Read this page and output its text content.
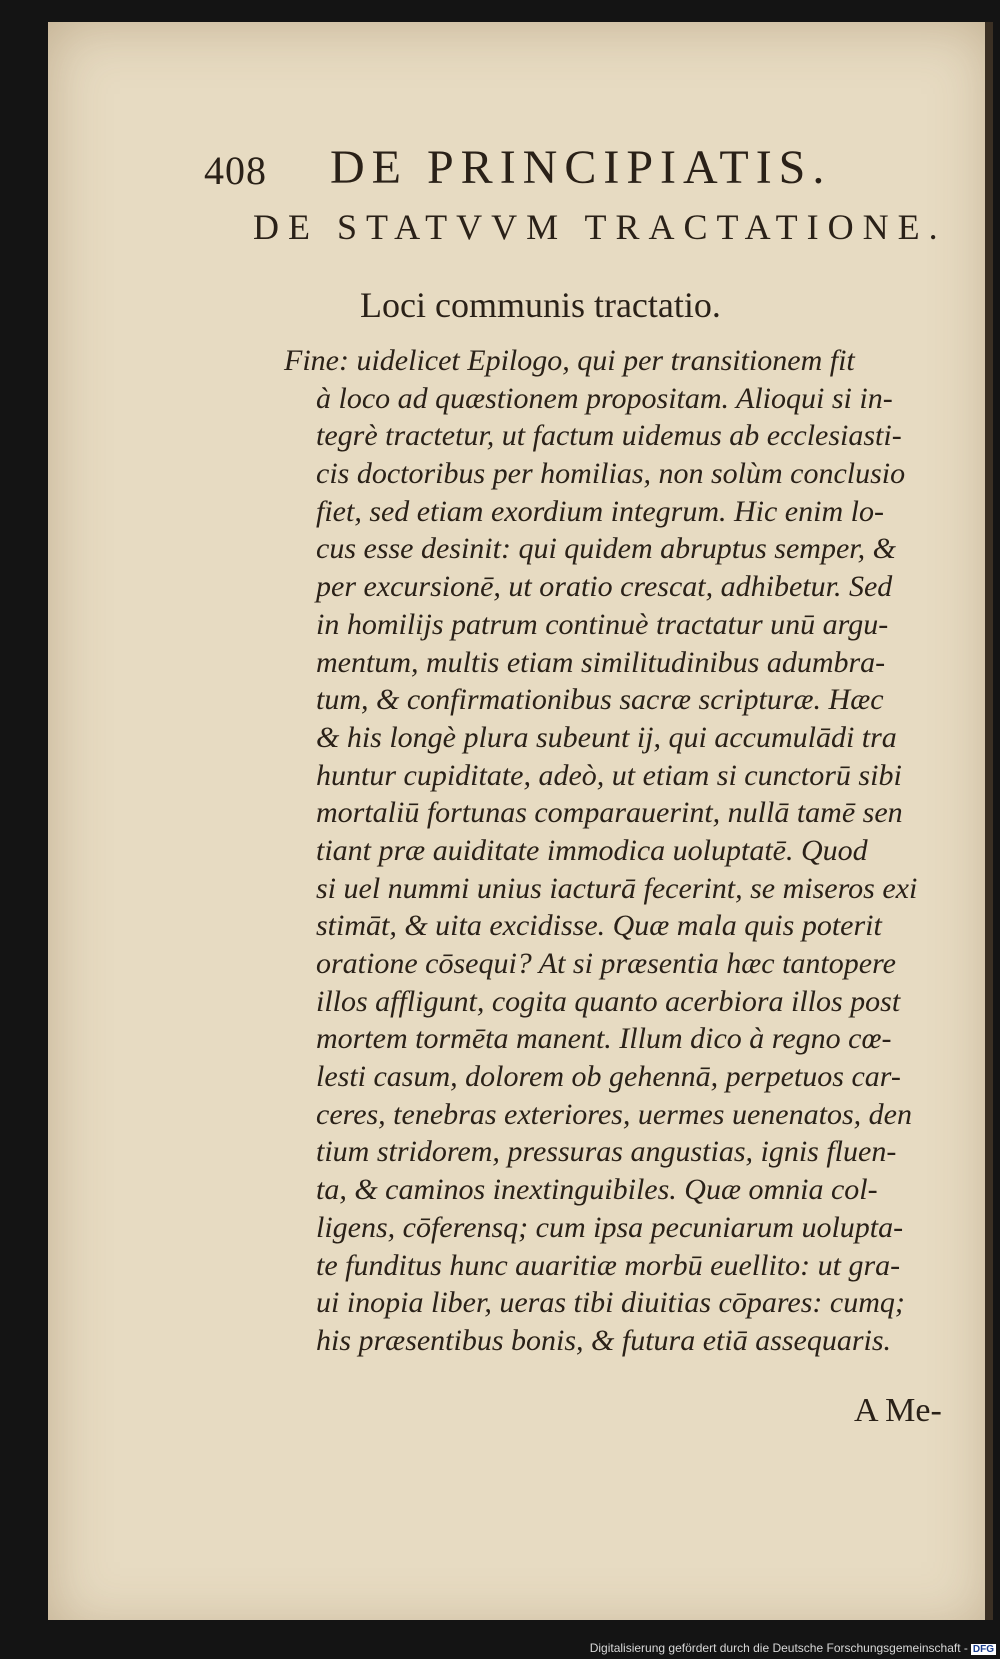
408 DE PRINCIPIATIS.
DE STATVVM TRACTATIONE.
Loci communis tractatio.
Fine: uidelicet Epilogo, qui per transitionem fit
à loco ad quæstionem propositam. Alioqui si in-
tegrè tractetur, ut factum uidemus ab ecclesiasti-
cis doctoribus per homilias, non solùm conclusio
fiet, sed etiam exordium integrum. Hic enim lo-
cus esse desinit: qui quidem abruptus semper, &
per excursionē, ut oratio crescat, adhibetur. Sed
in homilijs patrum continuè tractatur unū argu-
mentum, multis etiam similitudinibus adumbra-
tum, & confirmationibus sacræ scripturæ. Hæc
& his longè plura subeunt ij, qui accumulādi tra
huntur cupiditate, adeò, ut etiam si cunctorū sibi
mortaliū fortunas comparauerint, nullā tamē sen
tiant præ auiditate immodica uoluptatē. Quod
si uel nummi unius iacturā fecerint, se miseros exi
stimāt, & uita excidisse. Quæ mala quis poterit
oratione cōsequi? At si præsentia hæc tantopere
illos affligunt, cogita quanto acerbiora illos post
mortem tormēta manent. Illum dico à regno cœ-
lesti casum, dolorem ob gehennā, perpetuos car-
ceres, tenebras exteriores, uermes uenenatos, den
tium stridorem, pressuras angustias, ignis fluen-
ta, & caminos inextinguibiles. Quæ omnia col-
ligens, cōferensq; cum ipsa pecuniarum uolupta-
te funditus hunc auaritiæ morbū euellito: ut gra-
ui inopia liber, ueras tibi diuitias cōpares: cumq;
his præsentibus bonis, & futura etiā assequaris.
A Me-
Digitalisierung gefördert durch die Deutsche Forschungsgemeinschaft - DFG
